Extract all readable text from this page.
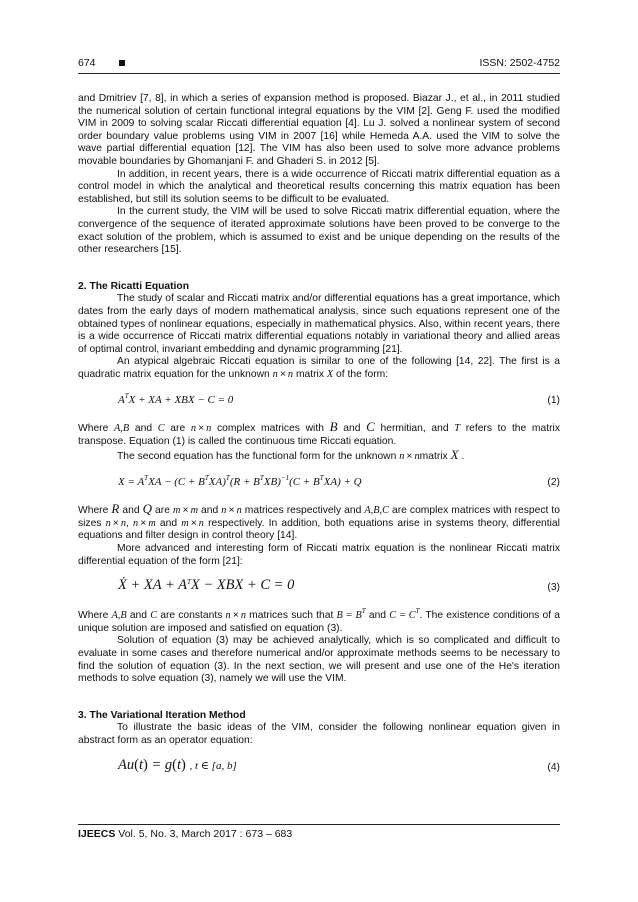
674	ISSN: 2502-4752

and Dmitriev [7, 8], in which a series of expansion method is proposed. Biazar J., et al., in 2011 studied the numerical solution of certain functional integral equations by the VIM [2]. Geng F. used the modified VIM in 2009 to solving scalar Riccati differential equation [4]. Lu J. solved a nonlinear system of second order boundary value problems using VIM in 2007 [16] while Hemeda A.A. used the VIM to solve the wave partial differential equation [12]. The VIM has also been used to solve more advance problems movable boundaries by Ghomanjani F. and Ghaderi S. in 2012 [5].

In addition, in recent years, there is a wide occurrence of Riccati matrix differential equation as a control model in which the analytical and theoretical results concerning this matrix equation has been established, but still its solution seems to be difficult to be evaluated.

In the current study, the VIM will be used to solve Riccati matrix differential equation, where the convergence of the sequence of iterated approximate solutions have been proved to be converge to the exact solution of the problem, which is assumed to exist and be unique depending on the results of the other researchers [15].

2. The Ricatti Equation

The study of scalar and Riccati matrix and/or differential equations has a great importance, which dates from the early days of modern mathematical analysis, since such equations represent one of the obtained types of nonlinear equations, especially in mathematical physics. Also, within recent years, there is a wide occurrence of Riccati matrix differential equations notably in variational theory and allied areas of optimal control, invariant embedding and dynamic programming [21].

An atypical algebraic Riccati equation is similar to one of the following [14, 22]. The first is a quadratic matrix equation for the unknown n × n matrix X of the form:

$A^TX$ + XA + XBX − C = 0	(1)

Where A,B and C are n × n complex matrices with B and C hermitian, and T refers to the matrix transpose. Equation (1) is called the continuous time Riccati equation.

The second equation has the functional form for the unknown n × nmatrix X .

$X = A^TXA - (C + B^TXA)^T(R + B^TXB)^{-1}(C + B^TXA) + Q$	(2)

Where R and Q are m × m and n × n matrices respectively and A,B,C are complex matrices with respect to sizes n × n, n × m and m × n respectively. In addition, both equations arise in systems theory, differential equations and filter design in control theory [14].

More advanced and interesting form of Riccati matrix equation is the nonlinear Riccati matrix differential equation of the form [21]:

Ẋ + XA + $A^TX$ − XBX + C = 0	(3)

Where A,B and C are constants n × n matrices such that $B = B^T$ and $C = C^T$. The existence conditions of a unique solution are imposed and satisfied on equation (3).

Solution of equation (3) may be achieved analytically, which is so complicated and difficult to evaluate in some cases and therefore numerical and/or approximate methods seems to be necessary to find the solution of equation (3). In the next section, we will present and use one of the He's iteration methods to solve equation (3), namely we will use the VIM.

3. The Variational Iteration Method

To illustrate the basic ideas of the VIM, consider the following nonlinear equation given in abstract form as an operator equation:

Au(t) = g(t) , t ∈ [a, b]	(4)
IJEECS Vol. 5, No. 3, March 2017 : 673 – 683
